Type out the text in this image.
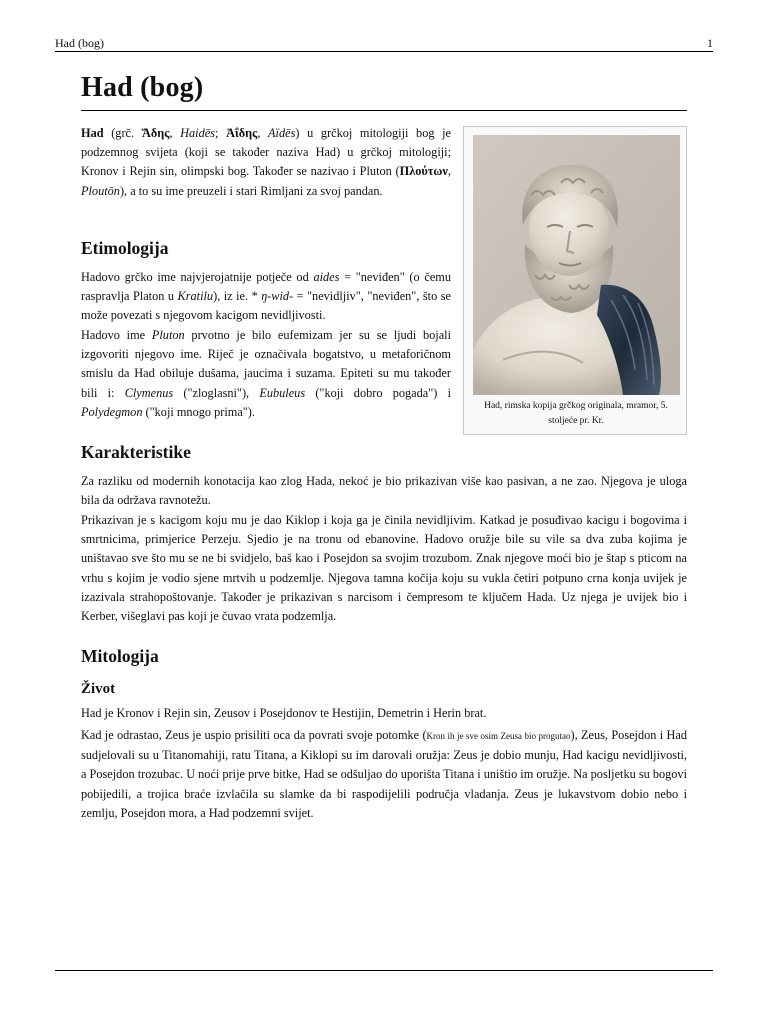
Had (bog)	1
Had (bog)

Had (grč. Ἅδης, Haidēs; Ἀΐδης, Aïdēs) u grčkoj mitologiji bog je podzemnog svijeta (koji se također naziva Had) u grčkoj mitologiji; Kronov i Rejin sin, olimpski bog. Također se nazivao i Pluton (Πλούτων, Ploutōn), a to su ime preuzeli i stari Rimljani za svoj pandan.

Etimologija

Hadovo grčko ime najvjerojatnije potječe od aides = "neviđen" (o čemu raspravlja Platon u Kratilu), iz ie. * ŋ-wid- = "nevidljiv", "neviđen", što se može povezati s njegovom kacigom nevidljivosti.

Hadovo ime Pluton prvotno je bilo eufemizam jer su se ljudi bojali izgovoriti njegovo ime. Riječ je označivala bogatstvo, u metaforičnom smislu da Had obiluje dušama, jaucima i suzama. Epiteti su mu također bili i: Clymenus ("zloglasni"), Eubuleus ("koji dobro pogada") i Polydegmon ("koji mnogo prima").	Had, rimska kopija grčkog originala, mramor, 5. stoljeće pr. Kr.
Karakteristike

Za razliku od modernih konotacija kao zlog Hada, nekoć je bio prikazivan više kao pasivan, a ne zao. Njegova je uloga bila da održava ravnotežu.

Prikazivan je s kacigom koju mu je dao Kiklop i koja ga je činila nevidljivim. Katkad je posuđivao kacigu i bogovima i smrtnicima, primjerice Perzeju. Sjedio je na tronu od ebanovine. Hadovo oružje bile su vile sa dva zuba kojima je uništavao sve što mu se ne bi svidjelo, baš kao i Posejdon sa svojim trozubom. Znak njegove moći bio je štap s pticom na vrhu s kojim je vodio sjene mrtvih u podzemlje. Njegova tamna kočija koju su vukla četiri potpuno crna konja uvijek je izazivala strahopoštovanje. Također je prikazivan s narcisom i čempresom te ključem Hada. Uz njega je uvijek bio i Kerber, višeglavi pas koji je čuvao vrata podzemlja.

Mitologija
Život

Had je Kronov i Rejin sin, Zeusov i Posejdonov te Hestijin, Demetrin i Herin brat.

Kad je odrastao, Zeus je uspio prisiliti oca da povrati svoje potomke (Kron ih je sve osim Zeusa bio progutao), Zeus, Posejdon i Had sudjelovali su u Titanomahiji, ratu Titana, a Kiklopi su im darovali oružja: Zeus je dobio munju, Had kacigu nevidljivosti, a Posejdon trozubac. U noći prije prve bitke, Had se odšuljao do uporišta Titana i uništio im oružje. Na posljetku su bogovi pobijedili, a trojica braće izvlačila su slamke da bi raspodijelili područja vladanja. Zeus je lukavstvom dobio nebo i zemlju, Posejdon mora, a Had podzemni svijet.
